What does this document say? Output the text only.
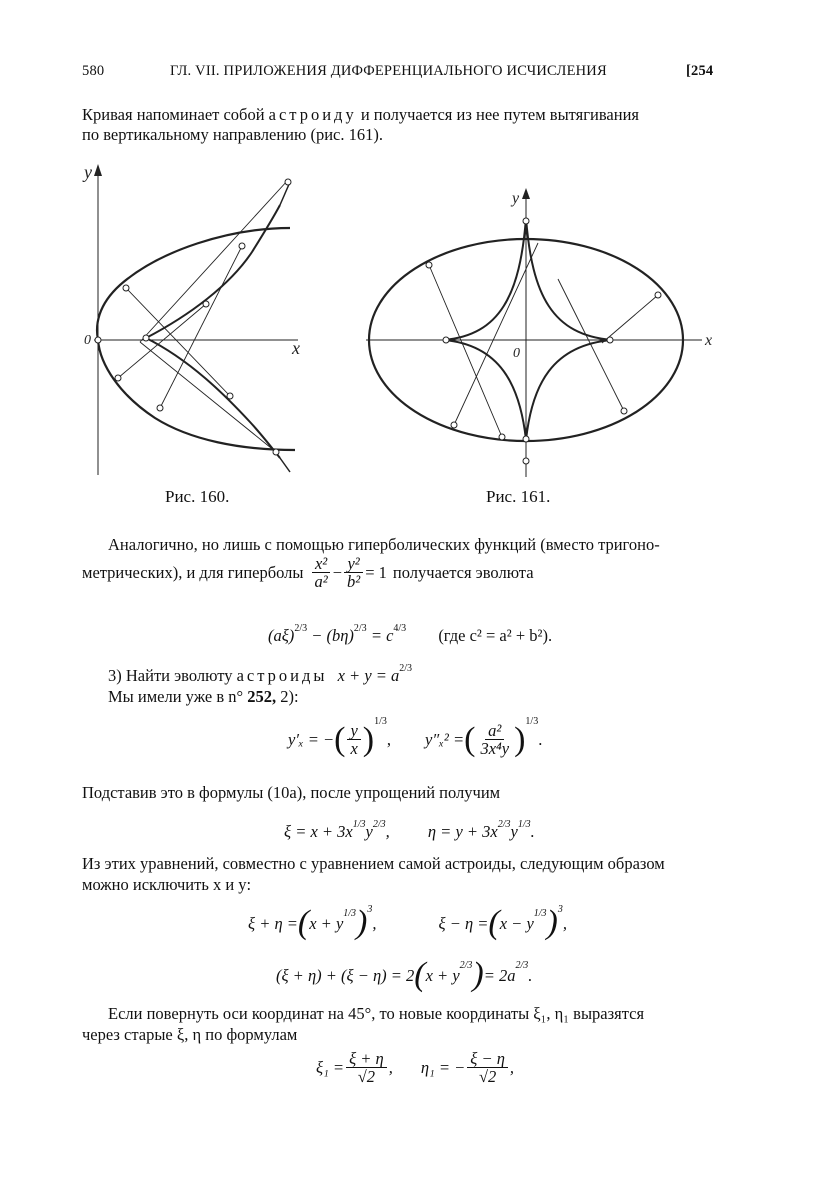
580	ГЛ. VII. ПРИЛОЖЕНИЯ ДИФФЕРЕНЦИАЛЬНОГО ИСЧИСЛЕНИЯ	[254
Кривая напоминает собой астроиду и получается из нее путем вытягивания
по вертикальному направлению (рис. 161).
y
x
0
Рис. 160.
y
x
0
Рис. 161.
Аналогично, но лишь с помощью гиперболических функций (вместо тригоно-
метрических), и для гиперболы $\frac{\text{x²}}{\text{a²}} - \frac{\text{y²}}{\text{b²}} = 1$ получается эволюта
$(a\xi)^{2/3} - (b\eta)^{2/3} = c^{4/3}$ (где c² = a² + b²).
3) Найти эволюту астроиды $x + y = a^{2/3}$
Мы имели уже в n° 252, 2):
y′ₓ = − ( $\frac{y}{x}$ ) 1/3
, y″ₓ² = ( $\frac{\text{a²}}{\text{3x⁴y}}$ ) 1/3
.
Подставив это в формулы (10а), после упрощений получим
$\xi = x + 3x^{1/3}y^{2/3}$, $\eta = y + 3x^{2/3}y^{1/3}$.
Из этих уравнений, совместно с уравнением самой астроиды, следующим образом
можно исключить x и y:
ξ + η = ( x + y
1/3 ) 3
,	ξ − η = ( x − y
1/3 ) 3
,
(ξ + η) + (ξ − η) = 2 ( x + y
2/3 ) = 2a
2/3
.
Если повернуть оси координат на 45°, то новые координаты ξ₁, η₁ выразятся
через старые ξ, η по формулам
$\xi_1 = \frac{\xi + \eta}{√2}$ , η₁ = − $\frac{\xi - \eta}{√2}$ ,
